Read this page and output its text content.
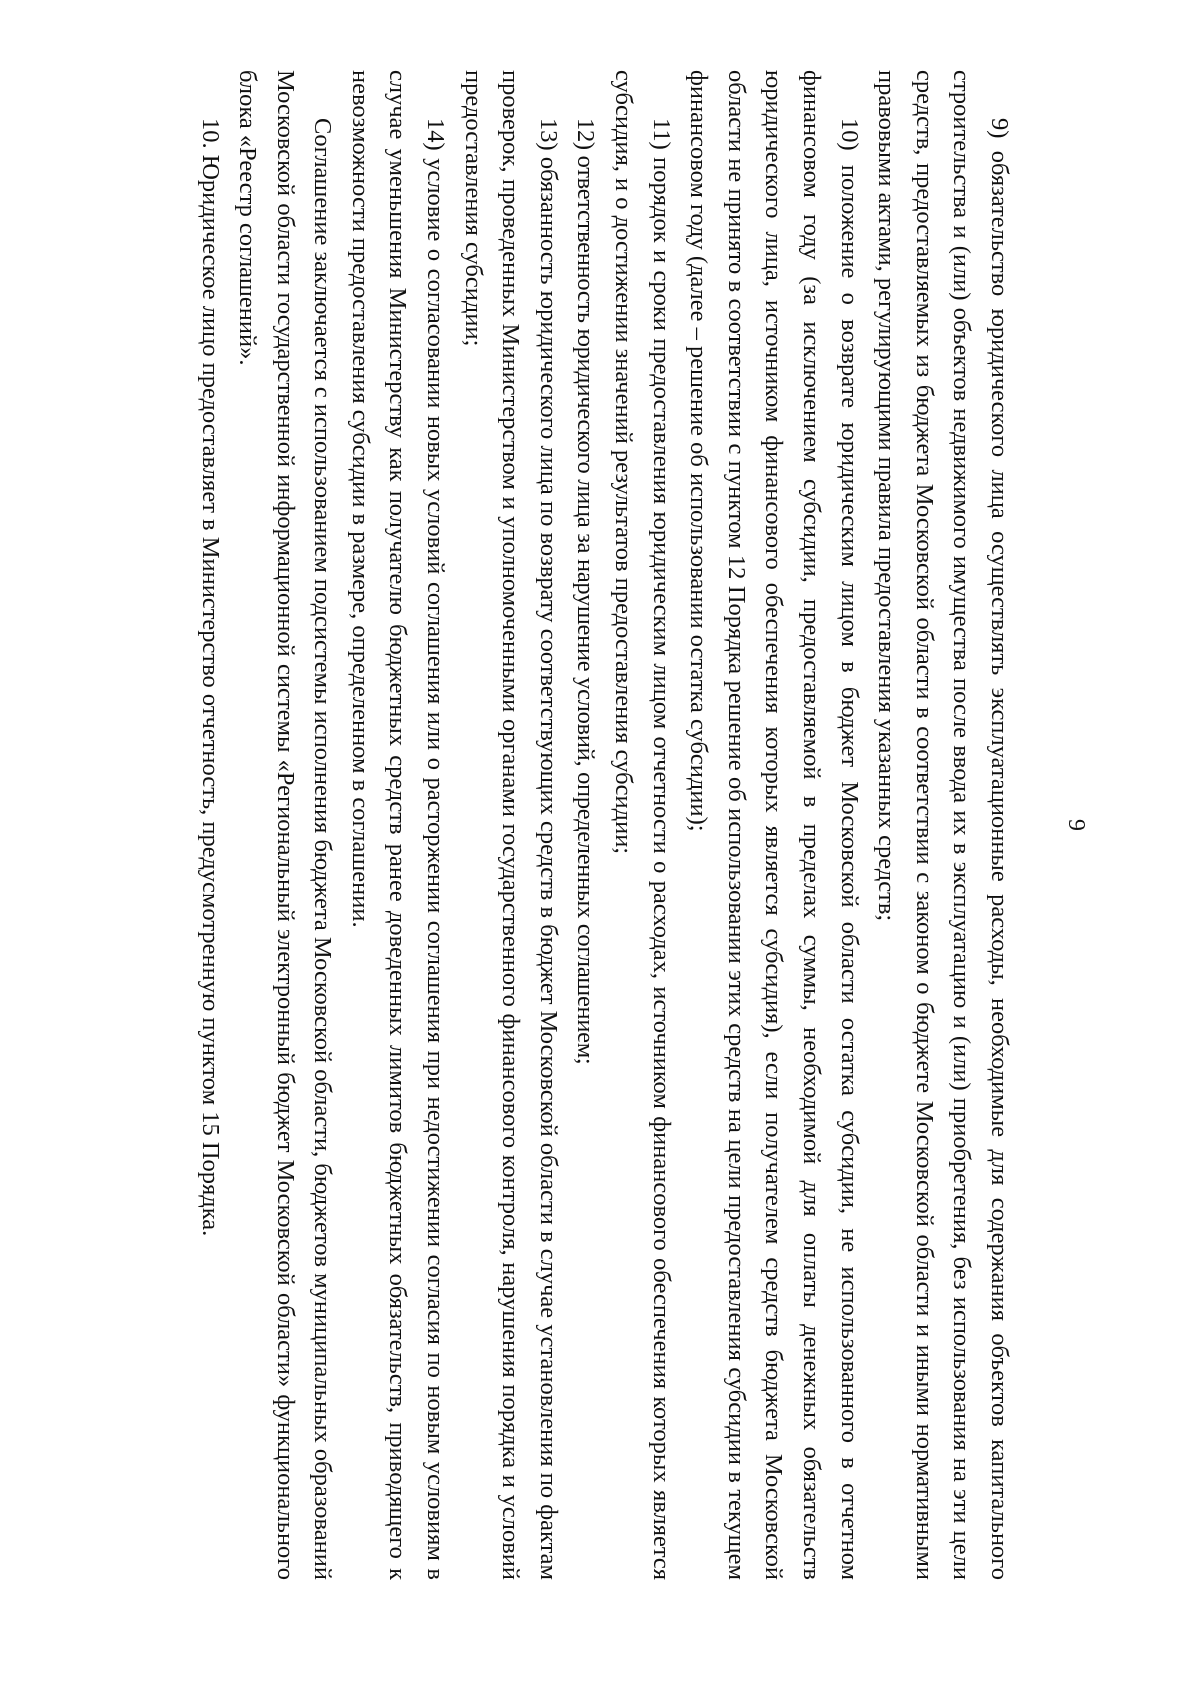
9

9) обязательство юридического лица осуществлять эксплуатационные расходы, необходимые для содержания объектов капитального строительства и (или) объектов недвижимого имущества после ввода их в эксплуатацию и (или) приобретения, без использования на эти цели средств, предоставляемых из бюджета Московской области в соответствии с законом о бюджете Московской области и иными нормативными правовыми актами, регулирующими правила предоставления указанных средств;

10) положение о возврате юридическим лицом в бюджет Московской области остатка субсидии, не использованного в отчетном финансовом году (за исключением субсидии, предоставляемой в пределах суммы, необходимой для оплаты денежных обязательств юридического лица, источником финансового обеспечения которых является субсидия), если получателем средств бюджета Московской области не принято в соответствии с пунктом 12 Порядка решение об использовании этих средств на цели предоставления субсидии в текущем финансовом году (далее – решение об использовании остатка субсидии);

11) порядок и сроки предоставления юридическим лицом отчетности о расходах, источником финансового обеспечения которых является субсидия, и о достижении значений результатов предоставления субсидии;

12) ответственность юридического лица за нарушение условий, определенных соглашением;

13) обязанность юридического лица по возврату соответствующих средств в бюджет Московской области в случае установления по фактам проверок, проведенных Министерством и уполномоченными органами государственного финансового контроля, нарушения порядка и условий предоставления субсидии;

14) условие о согласовании новых условий соглашения или о расторжении соглашения при недостижении согласия по новым условиям в случае уменьшения Министерству как получателю бюджетных средств ранее доведенных лимитов бюджетных обязательств, приводящего к невозможности предоставления субсидии в размере, определенном в соглашении.

Соглашение заключается с использованием подсистемы исполнения бюджета Московской области, бюджетов муниципальных образований Московской области государственной информационной системы «Региональный электронный бюджет Московской области» функционального блока «Реестр соглашений».

10. Юридическое лицо предоставляет в Министерство отчетность, предусмотренную пунктом 15 Порядка.
